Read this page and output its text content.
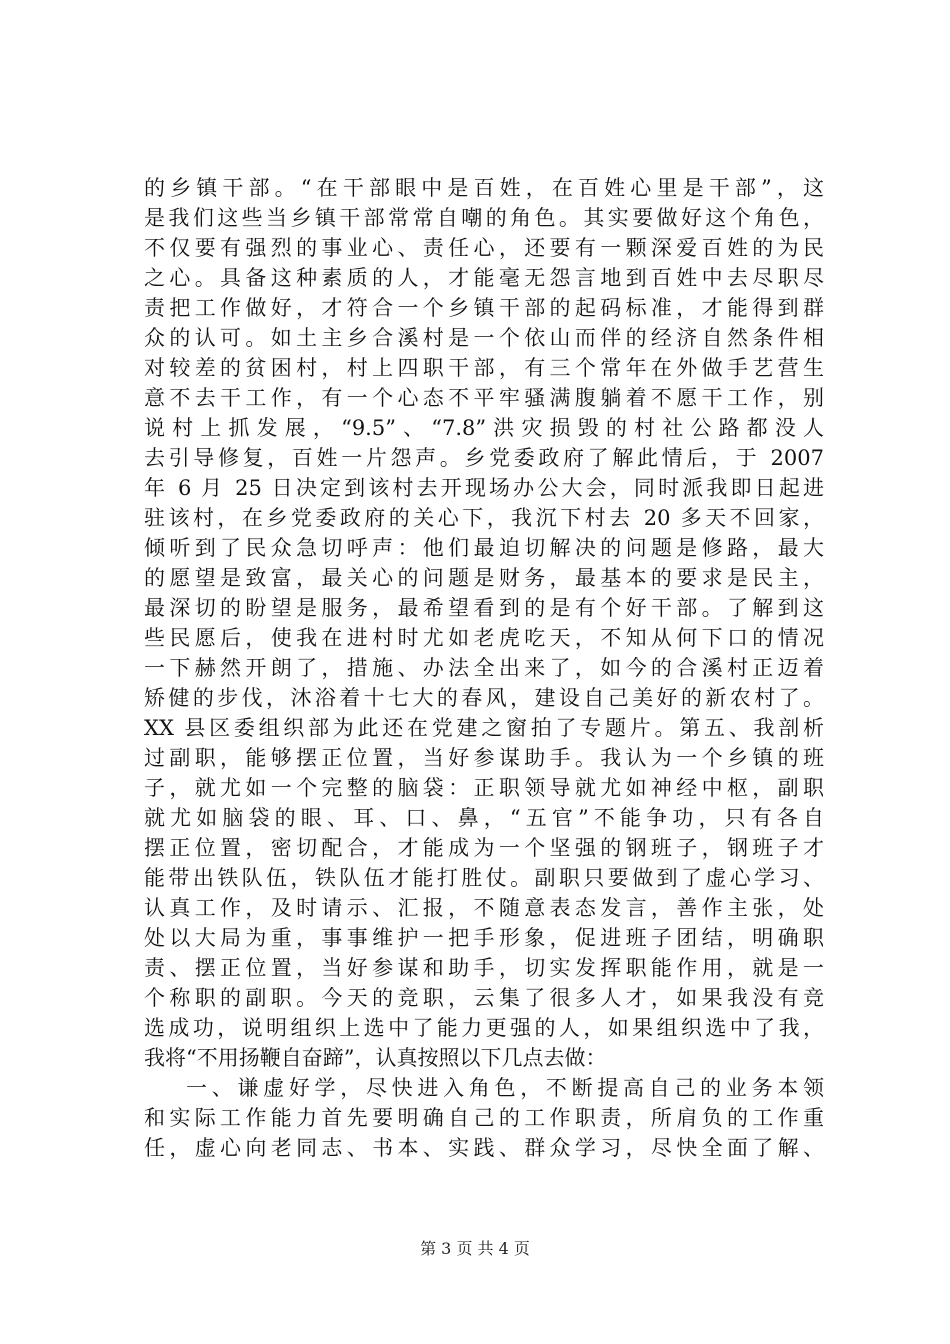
的乡镇干部。“在干部眼中是百姓，在百姓心里是干部”，这
是我们这些当乡镇干部常常自嘲的角色。其实要做好这个角色，
不仅要有强烈的事业心、责任心，还要有一颗深爱百姓的为民
之心。具备这种素质的人，才能毫无怨言地到百姓中去尽职尽
责把工作做好，才符合一个乡镇干部的起码标准，才能得到群
众的认可。如土主乡合溪村是一个依山而伴的经济自然条件相
对较差的贫困村，村上四职干部，有三个常年在外做手艺营生
意不去干工作，有一个心态不平牢骚满腹躺着不愿干工作，别
说村上抓发展，“9.5”、“7.8”洪灾损毁的村社公路都没人
去引导修复，百姓一片怨声。乡党委政府了解此情后，于 2007
年 6 月 25 日决定到该村去开现场办公大会，同时派我即日起进
驻该村，在乡党委政府的关心下，我沉下村去 20 多天不回家，
倾听到了民众急切呼声：他们最迫切解决的问题是修路，最大
的愿望是致富，最关心的问题是财务，最基本的要求是民主，
最深切的盼望是服务，最希望看到的是有个好干部。了解到这
些民愿后，使我在进村时尤如老虎吃天，不知从何下口的情况
一下赫然开朗了，措施、办法全出来了，如今的合溪村正迈着
矫健的步伐，沐浴着十七大的春风，建设自己美好的新农村了。
XX 县区委组织部为此还在党建之窗拍了专题片。第五、我剖析
过副职，能够摆正位置，当好参谋助手。我认为一个乡镇的班
子，就尤如一个完整的脑袋：正职领导就尤如神经中枢，副职
就尤如脑袋的眼、耳、口、鼻，“五官”不能争功，只有各自
摆正位置，密切配合，才能成为一个坚强的钢班子，钢班子才
能带出铁队伍，铁队伍才能打胜仗。副职只要做到了虚心学习、
认真工作，及时请示、汇报，不随意表态发言，善作主张，处
处以大局为重，事事维护一把手形象，促进班子团结，明确职
责、摆正位置，当好参谋和助手，切实发挥职能作用，就是一
个称职的副职。今天的竞职，云集了很多人才，如果我没有竞
选成功，说明组织上选中了能力更强的人，如果组织选中了我，
我将“不用扬鞭自奋蹄”，认真按照以下几点去做：
一、谦虚好学，尽快进入角色，不断提高自己的业务本领
和实际工作能力首先要明确自己的工作职责，所肩负的工作重
任，虚心向老同志、书本、实践、群众学习，尽快全面了解、
第 3 页 共 4 页
